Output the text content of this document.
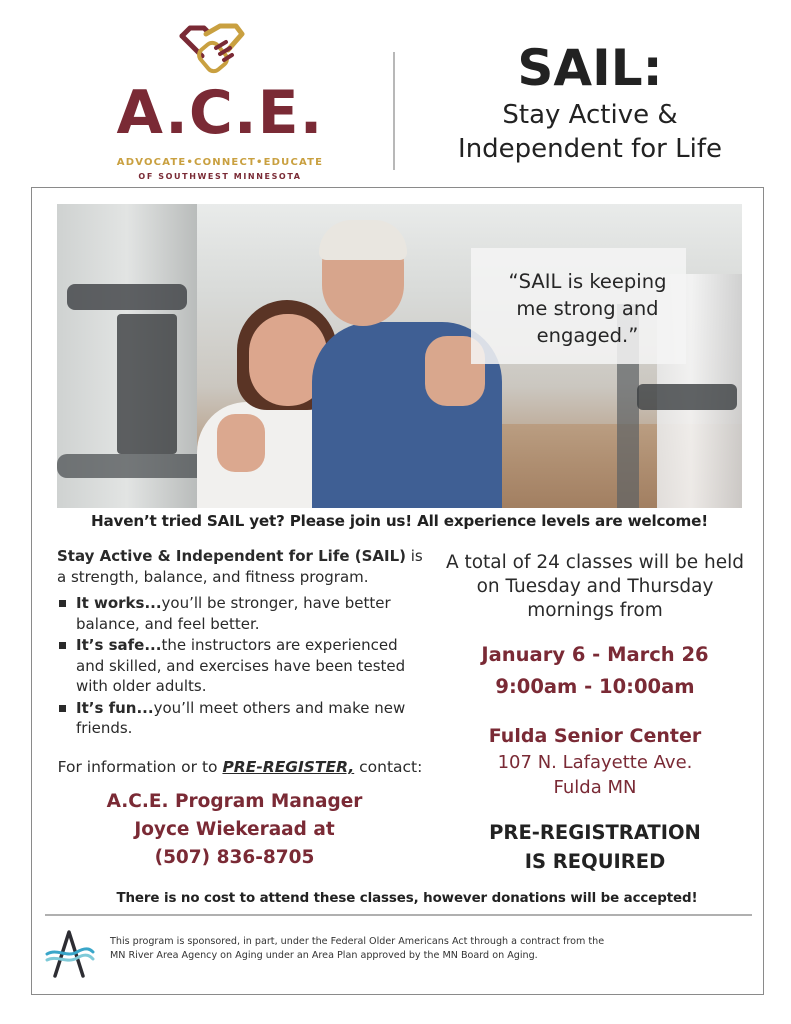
A.C.E.
ADVOCATE•CONNECT•EDUCATE
OF SOUTHWEST MINNESOTA
SAIL:
Stay Active &
Independent for Life
“SAIL is keeping
me strong and
engaged.”
Haven’t tried SAIL yet? Please join us! All experience levels are welcome!
Stay Active & Independent for Life (SAIL) is a strength, balance, and fitness program.
It works...you’ll be stronger, have better balance, and feel better.
It’s safe...the instructors are experienced and skilled, and exercises have been tested with older adults.
It’s fun...you’ll meet others and make new friends.
For information or to PRE-REGISTER, contact:
A.C.E. Program Manager
Joyce Wiekeraad at
(507) 836-8705
A total of 24 classes will be held on Tuesday and Thursday mornings from
January 6 - March 26
9:00am - 10:00am
Fulda Senior Center
107 N. Lafayette Ave.
Fulda MN
PRE-REGISTRATION
IS REQUIRED
There is no cost to attend these classes, however donations will be accepted!
This program is sponsored, in part, under the Federal Older Americans Act through a contract from the
MN River Area Agency on Aging under an Area Plan approved by the MN Board on Aging.
